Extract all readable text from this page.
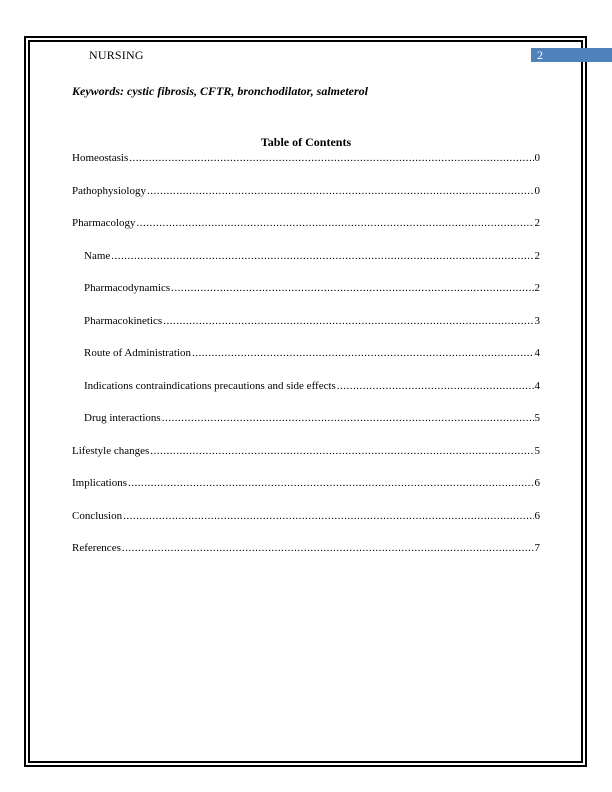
NURSING	2
Keywords: cystic fibrosis, CFTR, bronchodilator, salmeterol
Table of Contents
Homeostasis .....	0
Pathophysiology .....	0
Pharmacology .....	2
Name .....	2
Pharmacodynamics .....	2
Pharmacokinetics .....	3
Route of Administration .....	4
Indications contraindications precautions and side effects .....	4
Drug interactions .....	5
Lifestyle changes .....	5
Implications .....	6
Conclusion .....	6
References .....	7
